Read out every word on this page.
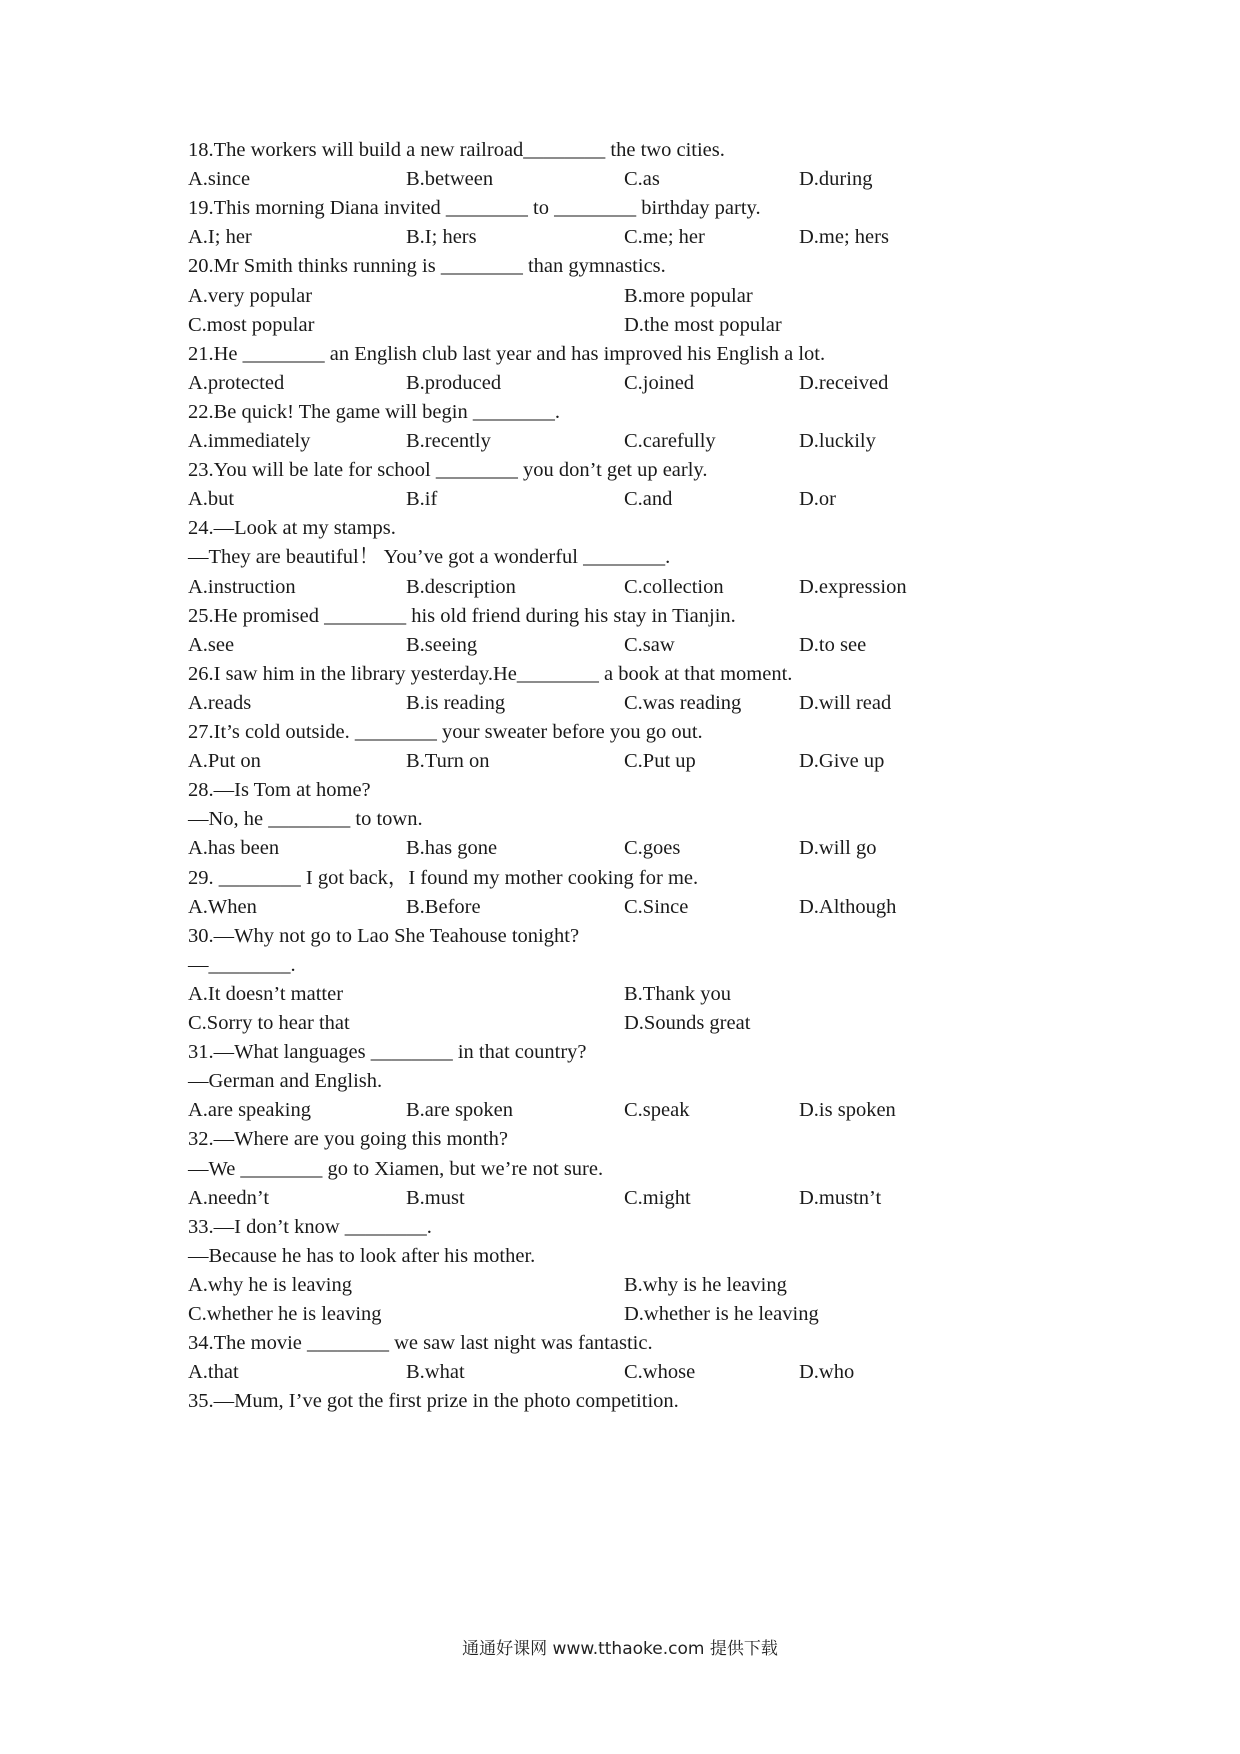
18.The workers will build a new railroad________ the two cities.
A.since	B.between	C.as	D.during
19.This morning Diana invited ________ to ________ birthday party.
A.I; her	B.I; hers	C.me; her	D.me; hers
20.Mr Smith thinks running is ________ than gymnastics.
A.very popular	B.more popular
C.most popular	D.the most popular
21.He ________ an English club last year and has improved his English a lot.
A.protected	B.produced	C.joined	D.received
22.Be quick! The game will begin ________.
A.immediately	B.recently	C.carefully	D.luckily
23.You will be late for school ________ you don’t get up early.
A.but	B.if	C.and	D.or
24.—Look at my stamps.
—They are beautiful！ You’ve got a wonderful ________.
A.instruction	B.description	C.collection	D.expression
25.He promised ________ his old friend during his stay in Tianjin.
A.see	B.seeing	C.saw	D.to see
26.I saw him in the library yesterday.He________ a book at that moment.
A.reads	B.is reading	C.was reading	D.will read
27.It’s cold outside. ________ your sweater before you go out.
A.Put on	B.Turn on	C.Put up	D.Give up
28.—Is Tom at home?
—No, he ________ to town.
A.has been	B.has gone	C.goes	D.will go
29. ________ I got back，I found my mother cooking for me.
A.When	B.Before	C.Since	D.Although
30.—Why not go to Lao She Teahouse tonight?
—________.
A.It doesn’t matter	B.Thank you
C.Sorry to hear that	D.Sounds great
31.—What languages ________ in that country?
—German and English.
A.are speaking	B.are spoken	C.speak	D.is spoken
32.—Where are you going this month?
—We ________ go to Xiamen, but we’re not sure.
A.needn’t	B.must	C.might	D.mustn’t
33.—I don’t know ________.
—Because he has to look after his mother.
A.why he is leaving	B.why is he leaving
C.whether he is leaving	D.whether is he leaving
34.The movie ________ we saw last night was fantastic.
A.that	B.what	C.whose	D.who
35.—Mum, I’ve got the first prize in the photo competition.
通通好课网 www.tthaoke.com 提供下载
